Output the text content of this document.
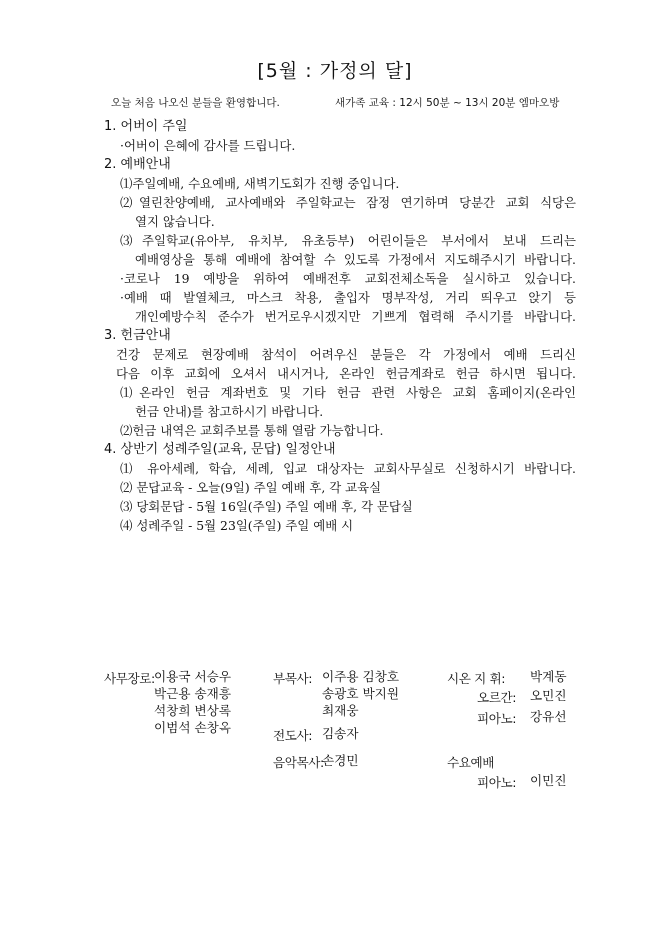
[5월 : 가정의 달]
오늘 처음 나오신 분들을 환영합니다.	새가족 교육 : 12시 50분 ~ 13시 20분 엠마오방
1. 어버이 주일
·어버이 은혜에 감사를 드립니다.
2. 예배안내
⑴주일예배, 수요예배, 새벽기도회가 진행 중입니다.
⑵열린찬양예배, 교사예배와 주일학교는 잠정 연기하며 당분간 교회 식당은
열지 않습니다.
⑶주일학교(유아부, 유치부, 유초등부) 어린이들은 부서에서 보내 드리는
예배영상을 통해 예배에 참여할 수 있도록 가정에서 지도해주시기 바랍니다.
·코로나 19 예방을 위하여 예배전후 교회전체소독을 실시하고 있습니다.
·예배 때 발열체크, 마스크 착용, 출입자 명부작성, 거리 띄우고 앉기 등
개인예방수칙 준수가 번거로우시겠지만 기쁘게 협력해 주시기를 바랍니다.
3. 헌금안내
건강 문제로 현장예배 참석이 어려우신 분들은 각 가정에서 예배 드리신
다음 이후 교회에 오셔서 내시거나, 온라인 헌금계좌로 헌금 하시면 됩니다.
⑴온라인 헌금 계좌번호 및 기타 헌금 관련 사항은 교회 홈페이지(온라인
헌금 안내)를 참고하시기 바랍니다.
⑵헌금 내역은 교회주보를 통해 열람 가능합니다.
4. 상반기 성례주일(교육, 문답) 일정안내
⑴ 유아세례, 학습, 세례, 입교 대상자는 교회사무실로 신청하시기 바랍니다.
⑵ 문답교육 - 오늘(9일) 주일 예배 후, 각 교육실
⑶ 당회문답 - 5월 16일(주일) 주일 예배 후, 각 문답실
⑷ 성례주일 - 5월 23일(주일) 주일 예배 시
사무장로: 이용국 서승우
박근용 송재흥
석창희 변상록
이범석 손창옥
부목사: 이주용 김창호
송광호 박지원
최재웅
전도사: 김송자
음악목사:
손경민
시온 지 휘: 박계동
오르간: 오민진
피아노: 강유선
수요예배
피아노: 이민진
